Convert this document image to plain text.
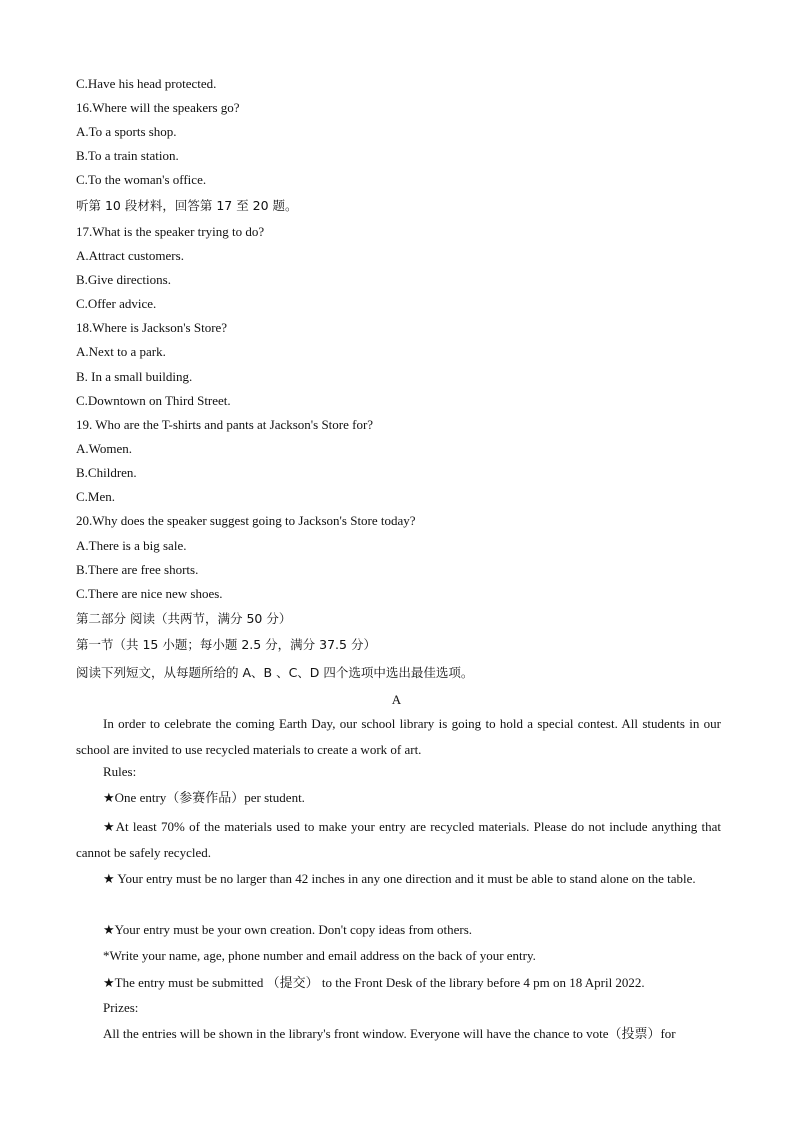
C.Have his head protected.
16.Where will the speakers go?
A.To a sports shop.
B.To a train station.
C.To the woman's office.
听第 10 段材料，回答第 17 至 20 题。
17.What is the speaker trying to do?
A.Attract customers.
B.Give directions.
C.Offer advice.
18.Where is Jackson's Store?
A.Next to a park.
B. In a small building.
C.Downtown on Third Street.
19. Who are the T-shirts and pants at Jackson's Store for?
A.Women.
B.Children.
C.Men.
20.Why does the speaker suggest going to Jackson's Store today?
A.There is a big sale.
B.There are free shorts.
C.There are nice new shoes.
第二部分 阅读（共两节，满分 50 分）
第一节（共 15 小题；每小题 2.5 分，满分 37.5 分）
阅读下列短文，从每题所给的 A、B 、C、D 四个选项中选出最佳选项。
A
In order to celebrate the coming Earth Day, our school library is going to hold a special contest. All students in our school are invited to use recycled materials to create a work of art.
Rules:
★One entry（参赛作品）per student.
★At least 70% of the materials used to make your entry are recycled materials. Please do not include anything that cannot be safely recycled.
★ Your entry must be no larger than 42 inches in any one direction and it must be able to stand alone on the table.
★Your entry must be your own creation. Don't copy ideas from others.
*Write your name, age, phone number and email address on the back of your entry.
★The entry must be submitted （提交） to the Front Desk of the library before 4 pm on 18 April 2022.
Prizes:
All the entries will be shown in the library's front window. Everyone will have the chance to vote（投票）for
